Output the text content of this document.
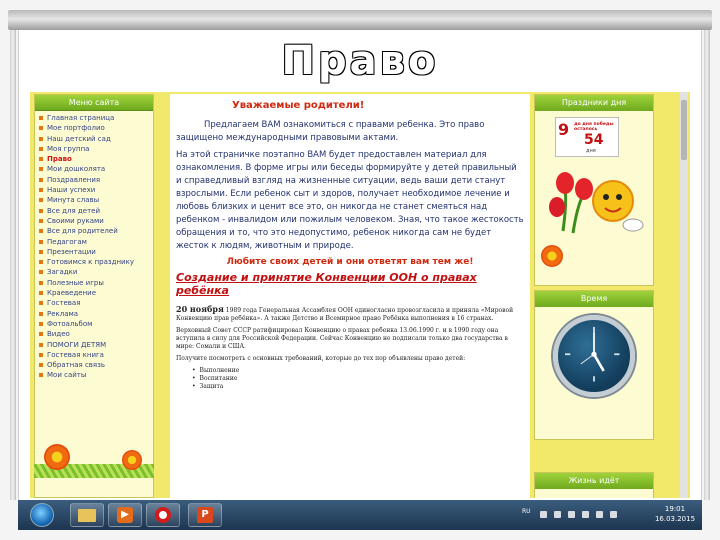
Право
Меню сайта
Главная страница
Мое портфолио
Наш детский сад
Моя группа
Право
Мои дошколята
Поздравления
Наши успехи
Минута славы
Все для детей
Своими руками
Все для родителей
Педагогам
Презентации
Готовимся к празднику
Загадки
Полезные игры
Краеведение
Гостевая
Реклама
Фотоальбом
Видео
ПОМОГИ ДЕТЯМ
Гостевая книга
Обратная связь
Мои сайты
Уважаемые родители!

Предлагаем ВАМ ознакомиться с правами ребенка. Это право защищено международными правовыми актами.

На этой страничке поэтапно ВАМ будет предоставлен материал для ознакомления. В форме игры или беседы формируйте у детей правильный и справедливый взгляд на жизненные ситуации, ведь ваши дети станут взрослыми. Если ребенок сыт и здоров, получает необходимое лечение и любовь близких и ценит все это, он никогда не станет смеяться над ребенком - инвалидом или пожилым человеком. Зная, что такое жестокость обращения и то, что это недопустимо, ребенок никогда сам не будет жесток к людям, животным и природе.

Любите своих детей и они ответят вам тем же!
Создание и принятие Конвенции ООН о правах ребёнка

20 ноября 1989 года Генеральная Ассамблея ООН единогласно провозгласила и приняла «Мировой Конвенцию прав ребёнка». А также Детство и Всемирное право Ребёнка выполнения в 16 странах.

Верховный Совет СССР ратифицировал Конвенцию о правах ребенка 13.06.1990 г. и в 1990 году она вступила в силу для Российской Федерации. Сейчас Конвенцию не подписали только два государства в мире: Сомали и США.

Получите посмотреть с основных требований, которые до тех пор объявлены право детей:

• Выполнение
• Воспитание
• Защита
Праздники дня
9 до дня победы осталось
54
дня
Время
Жизнь идёт
▶	P	RU	19:01
16.03.2015
